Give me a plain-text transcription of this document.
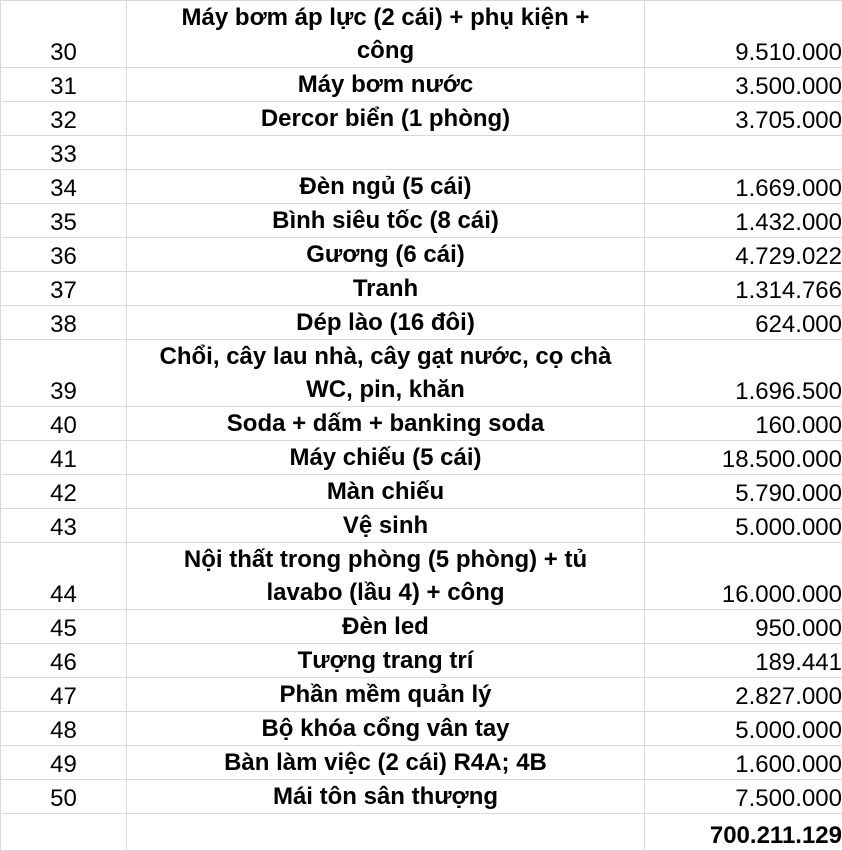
30	Máy bơm áp lực (2 cái) + phụ kiện +
công	9.510.000
31	Máy bơm nước	3.500.000
32	Dercor biển (1 phòng)	3.705.000
33	

34	Đèn ngủ (5 cái)	1.669.000
35	Bình siêu tốc (8 cái)	1.432.000
36	Gương (6 cái)	4.729.022
37	Tranh	1.314.766
38	Dép lào (16 đôi)	624.000
39	Chổi, cây lau nhà, cây gạt nước, cọ chà
WC, pin, khăn	1.696.500
40	Soda + dấm + banking soda	160.000
41	Máy chiếu (5 cái)	18.500.000
42	Màn chiếu	5.790.000
43	Vệ sinh	5.000.000
44	Nội thất trong phòng (5 phòng) + tủ
lavabo (lầu 4) + công	16.000.000
45	Đèn led	950.000
46	Tượng trang trí	189.441
47	Phần mềm quản lý	2.827.000
48	Bộ khóa cổng vân tay	5.000.000
49	Bàn làm việc (2 cái) R4A; 4B	1.600.000
50	Mái tôn sân thượng	7.500.000
		700.211.129
